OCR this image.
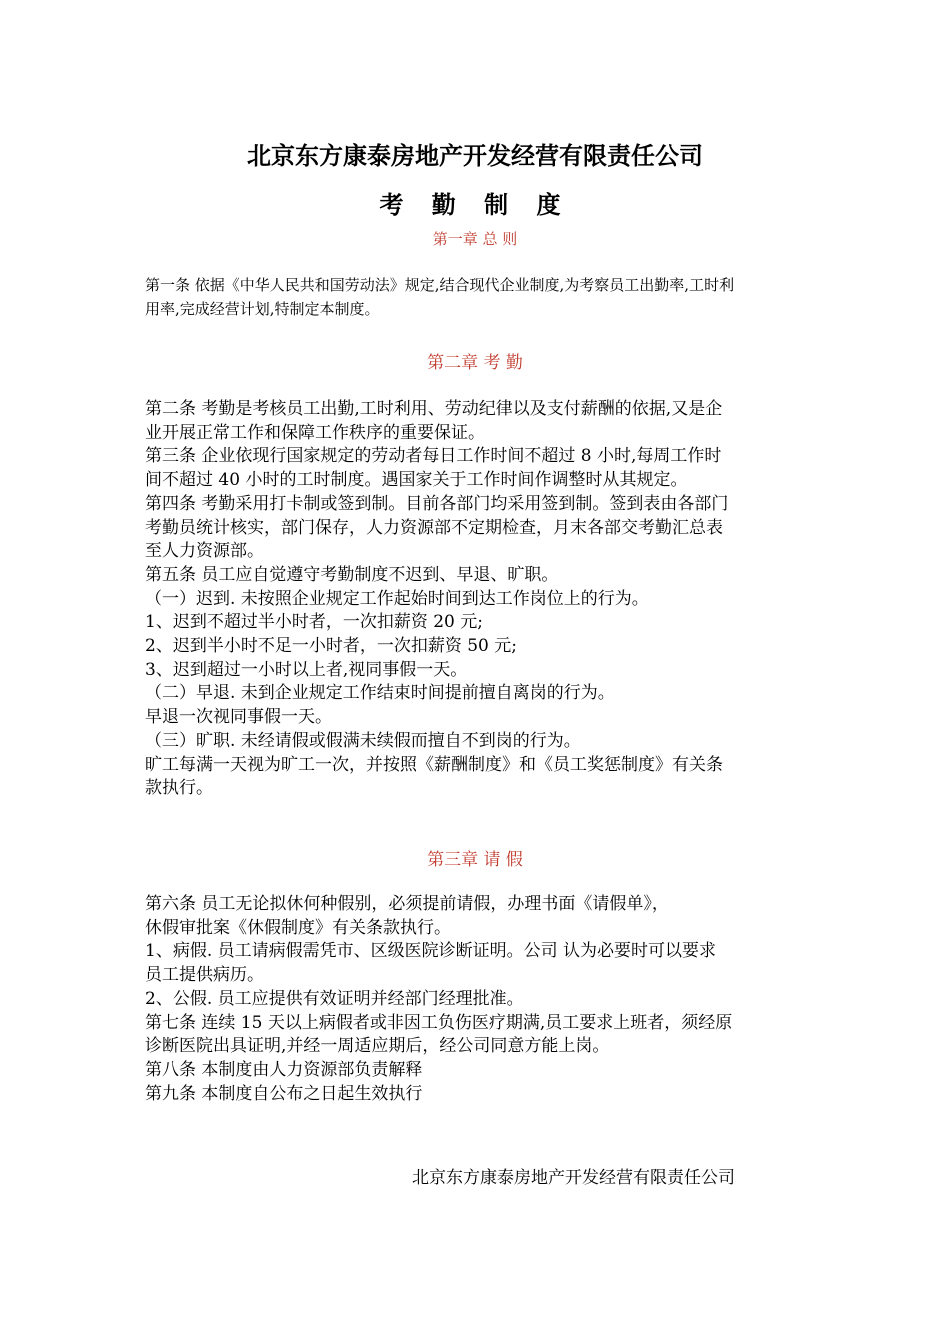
北京东方康泰房地产开发经营有限责任公司
考 勤 制 度
第一章 总 则

第一条 依据《中华人民共和国劳动法》规定,结合现代企业制度,为考察员工出勤率,工时利

用率,完成经营计划,特制定本制度。

第二章 考 勤

第二条 考勤是考核员工出勤,工时利用、劳动纪律以及支付薪酬的依据,又是企

业开展正常工作和保障工作秩序的重要保证。

第三条 企业依现行国家规定的劳动者每日工作时间不超过 8 小时,每周工作时

间不超过 40 小时的工时制度。遇国家关于工作时间作调整时从其规定。

第四条 考勤采用打卡制或签到制。目前各部门均采用签到制。签到表由各部门

考勤员统计核实，部门保存，人力资源部不定期检查，月末各部交考勤汇总表

至人力资源部。

第五条 员工应自觉遵守考勤制度不迟到、早退、旷职。

（一）迟到. 未按照企业规定工作起始时间到达工作岗位上的行为。

1、迟到不超过半小时者，一次扣薪资 20 元;

2、迟到半小时不足一小时者，一次扣薪资 50 元;

3、迟到超过一小时以上者,视同事假一天。

（二）早退. 未到企业规定工作结束时间提前擅自离岗的行为。

早退一次视同事假一天。

（三）旷职. 未经请假或假满未续假而擅自不到岗的行为。

旷工每满一天视为旷工一次，并按照《薪酬制度》和《员工奖惩制度》有关条

款执行。

第三章 请 假

第六条 员工无论拟休何种假别，必须提前请假，办理书面《请假单》，

休假审批案《休假制度》有关条款执行。

1、病假. 员工请病假需凭市、区级医院诊断证明。公司 认为必要时可以要求

员工提供病历。

2、公假. 员工应提供有效证明并经部门经理批准。

第七条 连续 15 天以上病假者或非因工负伤医疗期满,员工要求上班者，须经原

诊断医院出具证明,并经一周适应期后，经公司同意方能上岗。

第八条 本制度由人力资源部负责解释

第九条 本制度自公布之日起生效执行

北京东方康泰房地产开发经营有限责任公司
